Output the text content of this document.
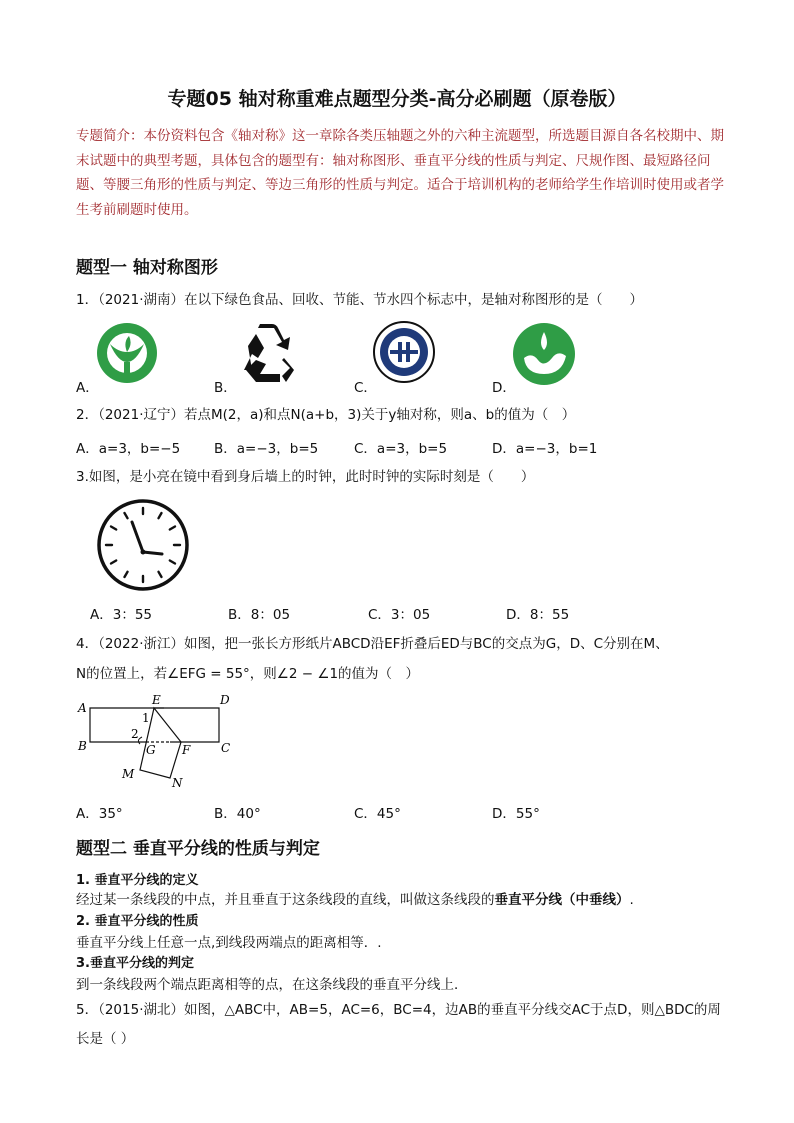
专题05 轴对称重难点题型分类-高分必刷题（原卷版）
专题简介：本份资料包含《轴对称》这一章除各类压轴题之外的六种主流题型，所选题目源自各名校期中、期末试题中的典型考题，具体包含的题型有：轴对称图形、垂直平分线的性质与判定、尺规作图、最短路径问题、等腰三角形的性质与判定、等边三角形的性质与判定。适合于培训机构的老师给学生作培训时使用或者学生考前刷题时使用。
题型一 轴对称图形
1．（2021·湖南）在以下绿色食品、回收、节能、节水四个标志中，是轴对称图形的是（　　）
A．	B．	C．	D．
2．（2021·辽宁）若点M(2，a)和点N(a+b，3)关于y轴对称，则a、b的值为（　）
A．a=3，b=−5	B．a=−3，b=5	C．a=3，b=5	D．a=−3，b=1
3.如图，是小亮在镜中看到身后墙上的时钟，此时时钟的实际时刻是（　　）
A．3：55	B．8：05	C．3：05	D．8：55
4．（2022·浙江）如图，把一张长方形纸片ABCD沿EF折叠后ED与BC的交点为G，D、C分别在M、
N的位置上，若∠EFG = 55°，则∠2 − ∠1的值为（　）
A
E	D
B	G F	C
M
N
1
2
A．35°	B．40°	C．45°	D．55°
题型二 垂直平分线的性质与判定
1. 垂直平分线的定义
经过某一条线段的中点，并且垂直于这条线段的直线，叫做这条线段的垂直平分线（中垂线）.
2. 垂直平分线的性质
垂直平分线上任意一点,到线段两端点的距离相等．.
3.垂直平分线的判定
到一条线段两个端点距离相等的点，在这条线段的垂直平分线上．
5．（2015·湖北）如图，△ABC中，AB=5，AC=6，BC=4，边AB的垂直平分线交AC于点D，则△BDC的周
长是（ ）
